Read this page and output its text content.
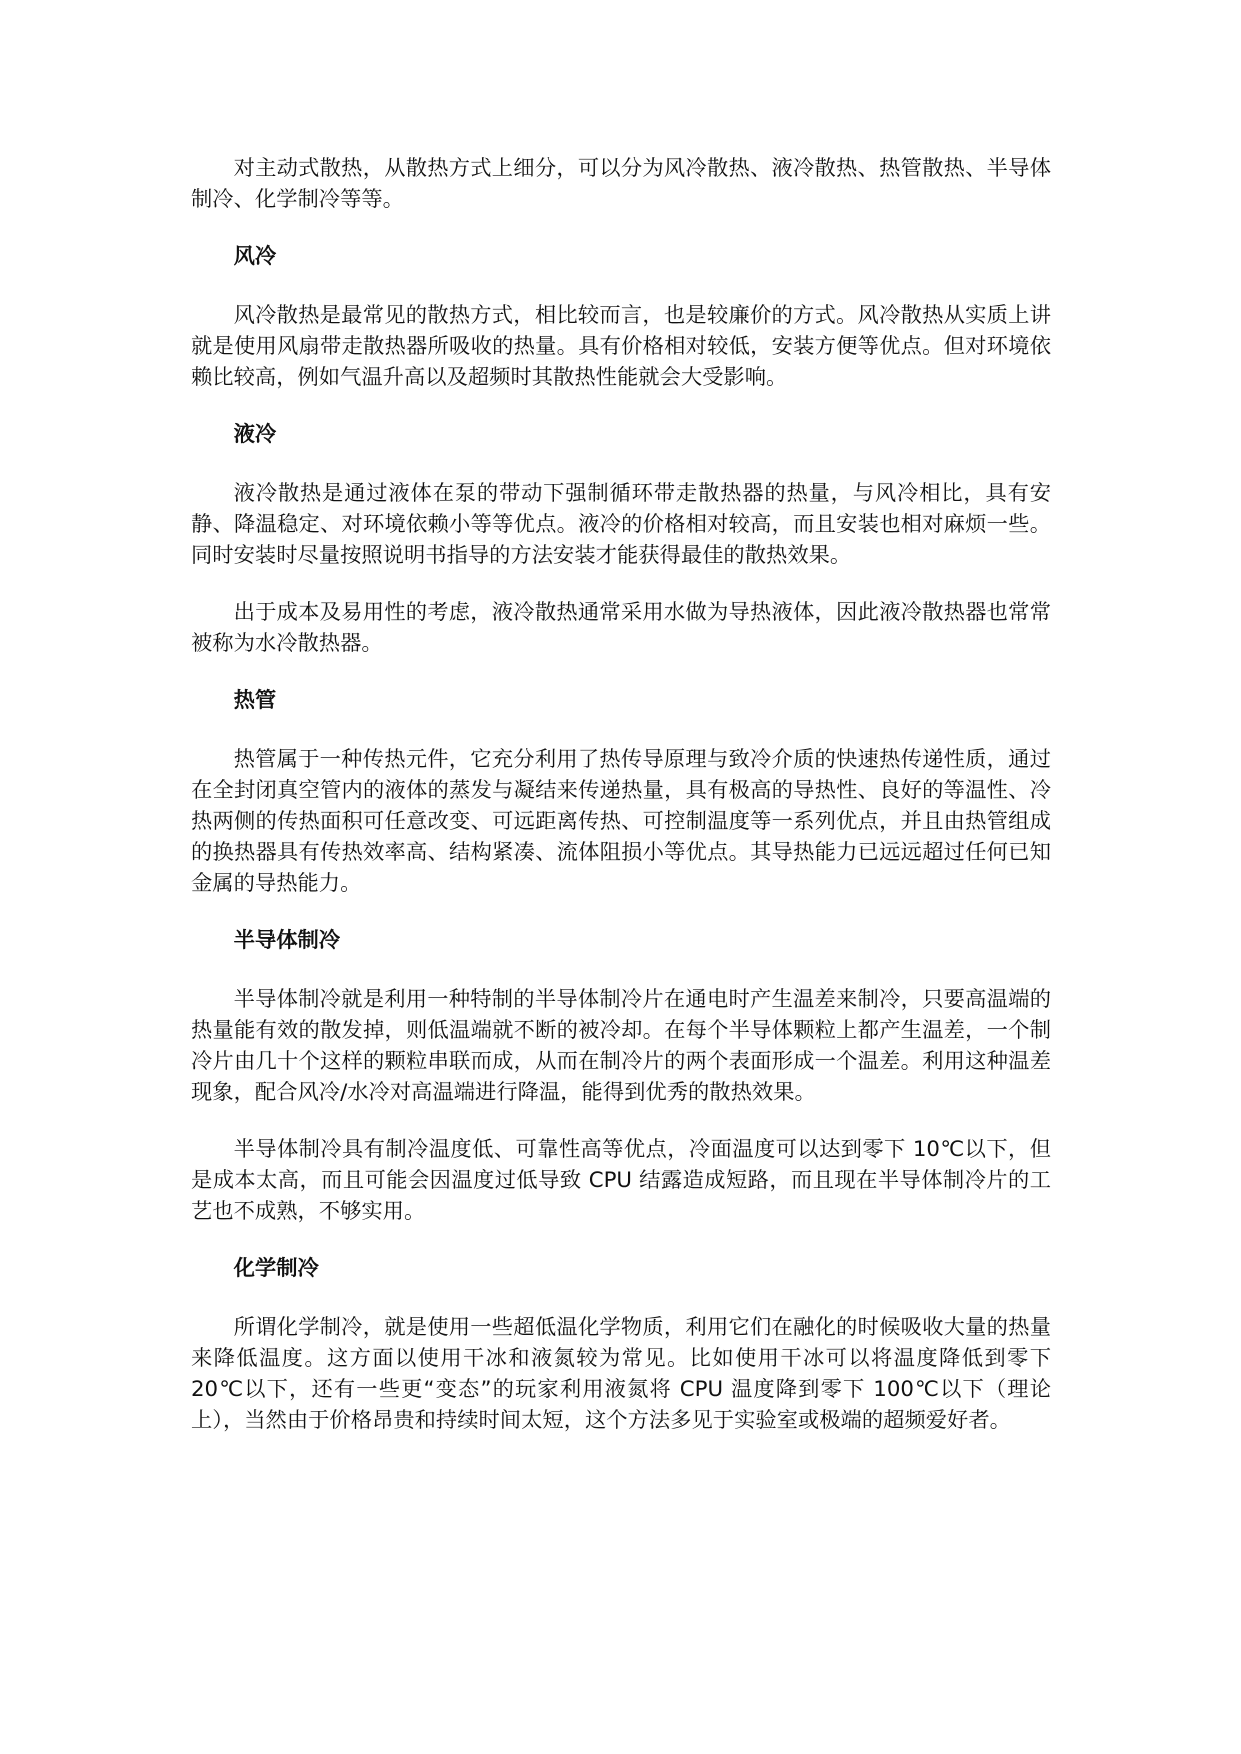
对主动式散热，从散热方式上细分，可以分为风冷散热、液冷散热、热管散热、半导体制冷、化学制冷等等。

风冷

风冷散热是最常见的散热方式，相比较而言，也是较廉价的方式。风冷散热从实质上讲就是使用风扇带走散热器所吸收的热量。具有价格相对较低，安装方便等优点。但对环境依赖比较高，例如气温升高以及超频时其散热性能就会大受影响。

液冷

液冷散热是通过液体在泵的带动下强制循环带走散热器的热量，与风冷相比，具有安静、降温稳定、对环境依赖小等等优点。液冷的价格相对较高，而且安装也相对麻烦一些。同时安装时尽量按照说明书指导的方法安装才能获得最佳的散热效果。

出于成本及易用性的考虑，液冷散热通常采用水做为导热液体，因此液冷散热器也常常被称为水冷散热器。

热管

热管属于一种传热元件，它充分利用了热传导原理与致冷介质的快速热传递性质，通过在全封闭真空管内的液体的蒸发与凝结来传递热量，具有极高的导热性、良好的等温性、冷热两侧的传热面积可任意改变、可远距离传热、可控制温度等一系列优点，并且由热管组成的换热器具有传热效率高、结构紧凑、流体阻损小等优点。其导热能力已远远超过任何已知金属的导热能力。

半导体制冷

半导体制冷就是利用一种特制的半导体制冷片在通电时产生温差来制冷，只要高温端的热量能有效的散发掉，则低温端就不断的被冷却。在每个半导体颗粒上都产生温差，一个制冷片由几十个这样的颗粒串联而成，从而在制冷片的两个表面形成一个温差。利用这种温差现象，配合风冷/水冷对高温端进行降温，能得到优秀的散热效果。

半导体制冷具有制冷温度低、可靠性高等优点，冷面温度可以达到零下 10℃以下，但是成本太高，而且可能会因温度过低导致 CPU 结露造成短路，而且现在半导体制冷片的工艺也不成熟，不够实用。

化学制冷

所谓化学制冷，就是使用一些超低温化学物质，利用它们在融化的时候吸收大量的热量来降低温度。这方面以使用干冰和液氮较为常见。比如使用干冰可以将温度降低到零下 20℃以下，还有一些更“变态”的玩家利用液氮将 CPU 温度降到零下 100℃以下（理论上），当然由于价格昂贵和持续时间太短，这个方法多见于实验室或极端的超频爱好者。
